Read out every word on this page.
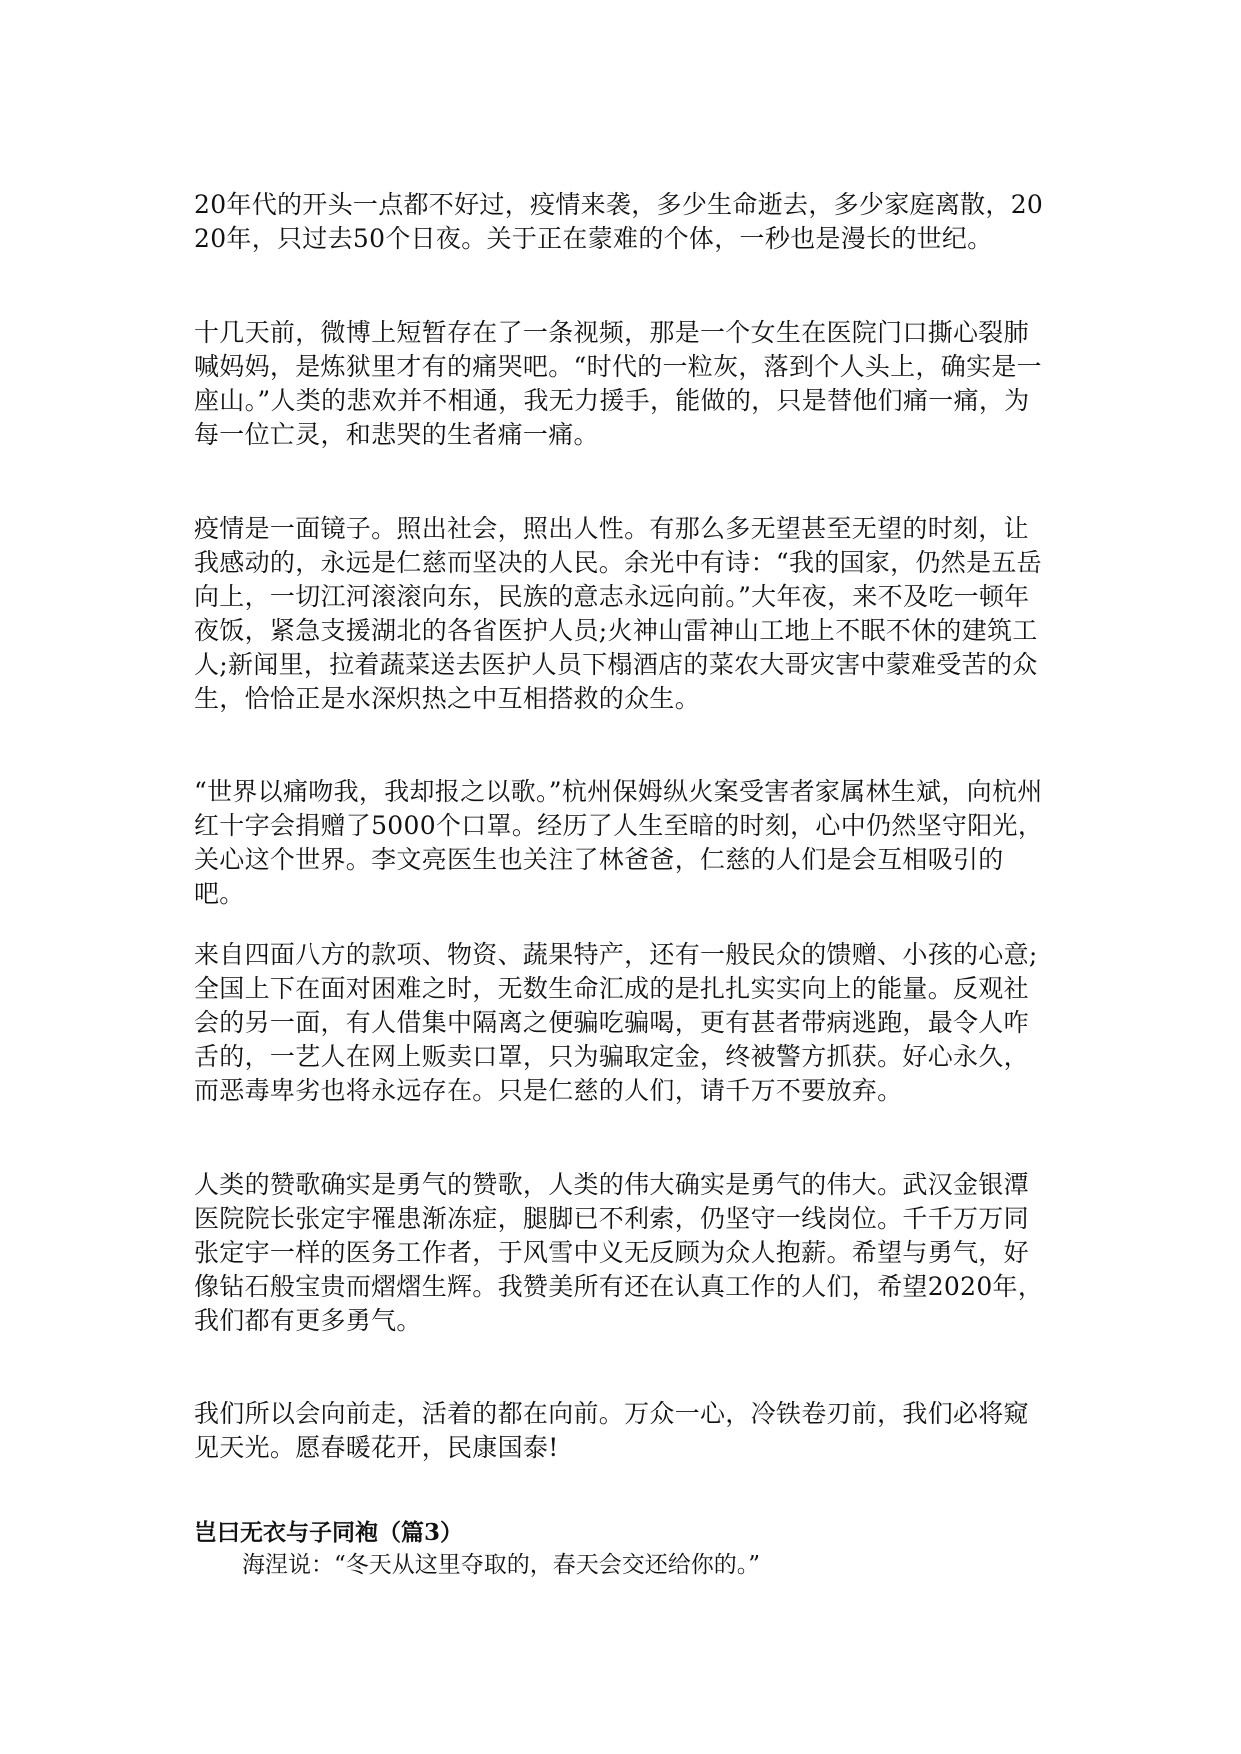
20年代的开头一点都不好过，疫情来袭，多少生命逝去，多少家庭离散，2020年，只过去50个日夜。关于正在蒙难的个体，一秒也是漫长的世纪。

十几天前，微博上短暂存在了一条视频，那是一个女生在医院门口撕心裂肺喊妈妈，是炼狱里才有的痛哭吧。“时代的一粒灰，落到个人头上，确实是一座山。”人类的悲欢并不相通，我无力援手，能做的，只是替他们痛一痛，为每一位亡灵，和悲哭的生者痛一痛。

疫情是一面镜子。照出社会，照出人性。有那么多无望甚至无望的时刻，让我感动的，永远是仁慈而坚决的人民。余光中有诗：“我的国家，仍然是五岳向上，一切江河滚滚向东，民族的意志永远向前。”大年夜，来不及吃一顿年夜饭，紧急支援湖北的各省医护人员;火神山雷神山工地上不眠不休的建筑工人;新闻里，拉着蔬菜送去医护人员下榻酒店的菜农大哥灾害中蒙难受苦的众生，恰恰正是水深炽热之中互相搭救的众生。

“世界以痛吻我，我却报之以歌。”杭州保姆纵火案受害者家属林生斌，向杭州红十字会捐赠了5000个口罩。经历了人生至暗的时刻，心中仍然坚守阳光，关心这个世界。李文亮医生也关注了林爸爸，仁慈的人们是会互相吸引的吧。

来自四面八方的款项、物资、蔬果特产，还有一般民众的馈赠、小孩的心意;全国上下在面对困难之时，无数生命汇成的是扎扎实实向上的能量。反观社会的另一面，有人借集中隔离之便骗吃骗喝，更有甚者带病逃跑，最令人咋舌的，一艺人在网上贩卖口罩，只为骗取定金，终被警方抓获。好心永久，而恶毒卑劣也将永远存在。只是仁慈的人们，请千万不要放弃。

人类的赞歌确实是勇气的赞歌，人类的伟大确实是勇气的伟大。武汉金银潭医院院长张定宇罹患渐冻症，腿脚已不利索，仍坚守一线岗位。千千万万同张定宇一样的医务工作者，于风雪中义无反顾为众人抱薪。希望与勇气，好像钻石般宝贵而熠熠生辉。我赞美所有还在认真工作的人们，希望2020年，我们都有更多勇气。

我们所以会向前走，活着的都在向前。万众一心，冷铁卷刃前，我们必将窥见天光。愿春暖花开，民康国泰!

岂曰无衣与子同袍（篇3）

海涅说：“冬天从这里夺取的，春天会交还给你的。”
